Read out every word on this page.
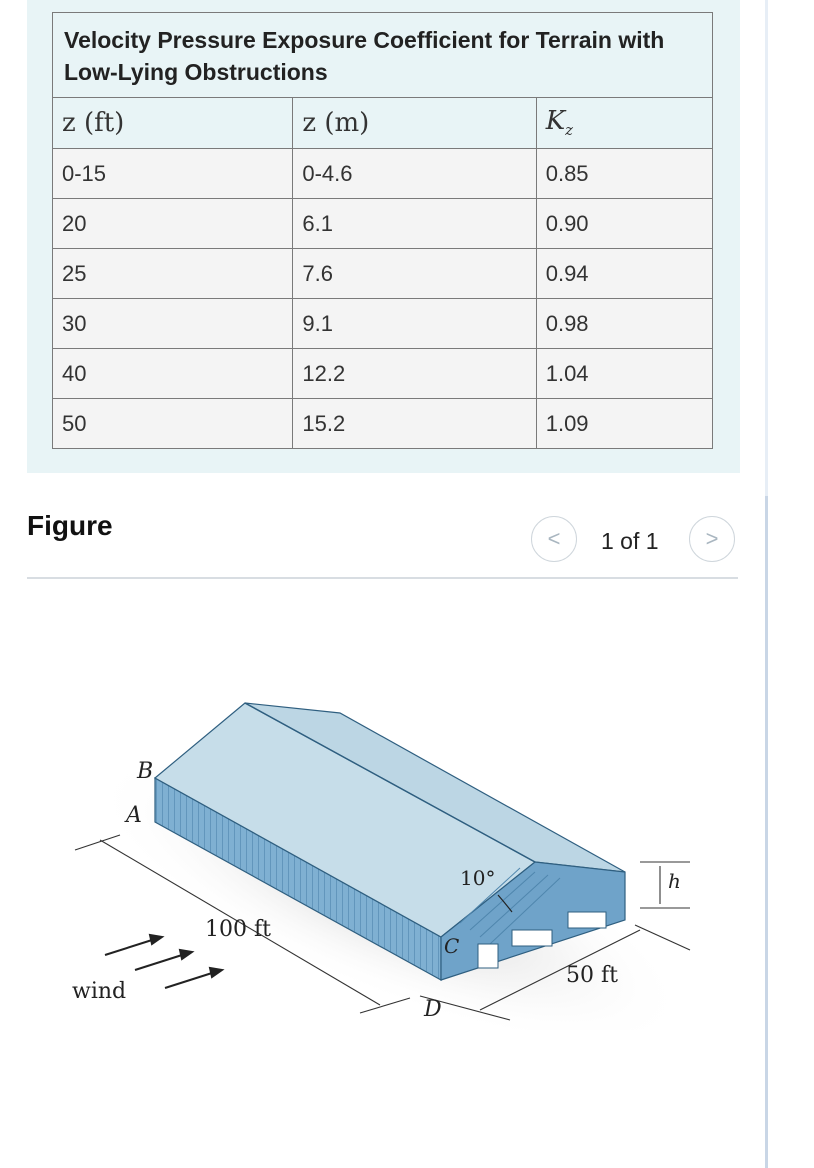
Velocity Pressure Exposure Coefficient for Terrain with Low-Lying Obstructions		
z (ft)	z (m)	$K_z$
0-15	0-4.6	0.85
20	6.1	0.90
25	7.6	0.94
30	9.1	0.98
40	12.2	1.04
50	15.2	1.09
Figure	<	1 of 1	>
B
A
C
D
10°	h
100 ft
50 ft
wind
